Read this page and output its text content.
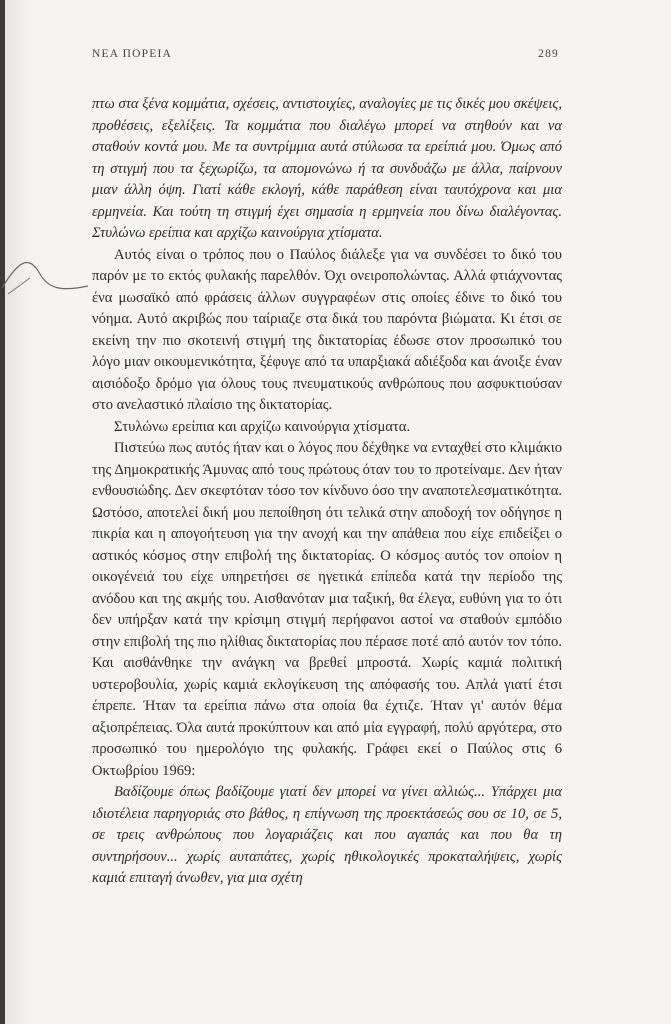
ΝΕΑ ΠΟΡΕΙΑ	289

πτω στα ξένα κομμάτια, σχέσεις, αντιστοιχίες, αναλογίες με τις δικές μου σκέψεις, προθέσεις, εξελίξεις. Τα κομμάτια που διαλέγω μπορεί να στηθούν και να σταθούν κοντά μου. Με τα συντρίμμια αυτά στύλωσα τα ερείπιά μου. Όμως από τη στιγμή που τα ξεχωρίζω, τα απομονώνω ή τα συνδυάζω με άλλα, παίρνουν μιαν άλλη όψη. Γιατί κάθε εκλογή, κάθε παράθεση είναι ταυτόχρονα και μια ερμηνεία. Και τούτη τη στιγμή έχει σημασία η ερμηνεία που δίνω διαλέγοντας. Στυλώνω ερείπια και αρχίζω καινούργια χτίσματα.

Αυτός είναι ο τρόπος που ο Παύλος διάλεξε για να συνδέσει το δικό του παρόν με το εκτός φυλακής παρελθόν. Όχι ονειροπολώντας. Αλλά φτιάχνοντας ένα μωσαϊκό από φράσεις άλλων συγγραφέων στις οποίες έδινε το δικό του νόημα. Αυτό ακριβώς που ταίριαζε στα δικά του παρόντα βιώματα. Κι έτσι σε εκείνη την πιο σκοτεινή στιγμή της δικτατορίας έδωσε στον προσωπικό του λόγο μιαν οικουμενικότητα, ξέφυγε από τα υπαρξιακά αδιέξοδα και άνοιξε έναν αισιόδοξο δρόμο για όλους τους πνευματικούς ανθρώπους που ασφυκτιούσαν στο ανελαστικό πλαίσιο της δικτατορίας.

Στυλώνω ερείπια και αρχίζω καινούργια χτίσματα.

Πιστεύω πως αυτός ήταν και ο λόγος που δέχθηκε να ενταχθεί στο κλιμάκιο της Δημοκρατικής Άμυνας από τους πρώτους όταν του το προτείναμε. Δεν ήταν ενθουσιώδης. Δεν σκεφτόταν τόσο τον κίνδυνο όσο την αναποτελεσματικότητα. Ωστόσο, αποτελεί δική μου πεποίθηση ότι τελικά στην αποδοχή τον οδήγησε η πικρία και η απογοήτευση για την ανοχή και την απάθεια που είχε επιδείξει ο αστικός κόσμος στην επιβολή της δικτατορίας. Ο κόσμος αυτός τον οποίον η οικογένειά του είχε υπηρετήσει σε ηγετικά επίπεδα κατά την περίοδο της ανόδου και της ακμής του. Αισθανόταν μια ταξική, θα έλεγα, ευθύνη για το ότι δεν υπήρξαν κατά την κρίσιμη στιγμή περήφανοι αστοί να σταθούν εμπόδιο στην επιβολή της πιο ηλίθιας δικτατορίας που πέρασε ποτέ από αυτόν τον τόπο. Και αισθάνθηκε την ανάγκη να βρεθεί μπροστά. Χωρίς καμιά πολιτική υστεροβουλία, χωρίς καμιά εκλογίκευση της απόφασής του. Απλά γιατί έτσι έπρεπε. Ήταν τα ερείπια πάνω στα οποία θα έχτιζε. Ήταν γι' αυτόν θέμα αξιοπρέπειας. Όλα αυτά προκύπτουν και από μία εγγραφή, πολύ αργότερα, στο προσωπικό του ημερολόγιο της φυλακής. Γράφει εκεί ο Παύλος στις 6 Οκτωβρίου 1969:

Βαδίζουμε όπως βαδίζουμε γιατί δεν μπορεί να γίνει αλλιώς... Υπάρχει μια ιδιοτέλεια παρηγοριάς στο βάθος, η επίγνωση της προεκτάσεώς σου σε 10, σε 5, σε τρεις ανθρώπους που λογαριάζεις και που αγαπάς και που θα τη συντηρήσουν... χωρίς αυταπάτες, χωρίς ηθικολογικές προκαταλήψεις, χωρίς καμιά επιταγή άνωθεν, για μια σχέτη
